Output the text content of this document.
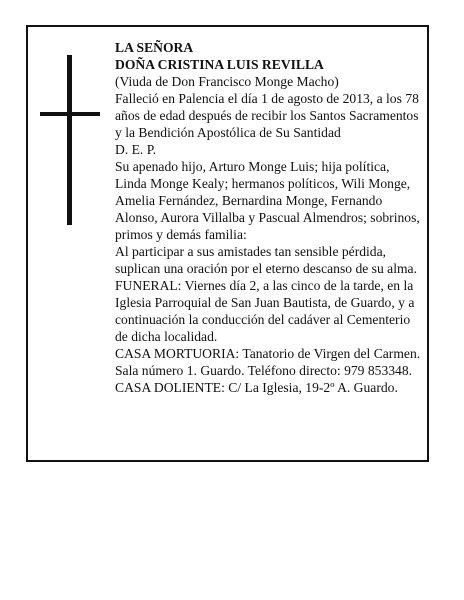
LA SEÑORA

DOÑA CRISTINA LUIS REVILLA

(Viuda de Don Francisco Monge Macho)

Falleció en Palencia el día 1 de agosto de 2013, a los 78 años de edad después de recibir los Santos Sacramentos y la Bendición Apostólica de Su Santidad

D. E. P.

Su apenado hijo, Arturo Monge Luis; hija política, Linda Monge Kealy; hermanos políticos, Wili Monge, Amelia Fernández, Bernardina Monge, Fernando Alonso, Aurora Villalba y Pascual Almendros; sobrinos, primos y demás familia:

Al participar a sus amistades tan sensible pérdida, suplican una oración por el eterno descanso de su alma.

FUNERAL: Viernes día 2, a las cinco de la tarde, en la Iglesia Parroquial de San Juan Bautista, de Guardo, y a continuación la conducción del cadáver al Cementerio de dicha localidad.

CASA MORTUORIA: Tanatorio de Virgen del Carmen. Sala número 1. Guardo. Teléfono directo: 979 853348.

CASA DOLIENTE: C/ La Iglesia, 19-2º A. Guardo.
